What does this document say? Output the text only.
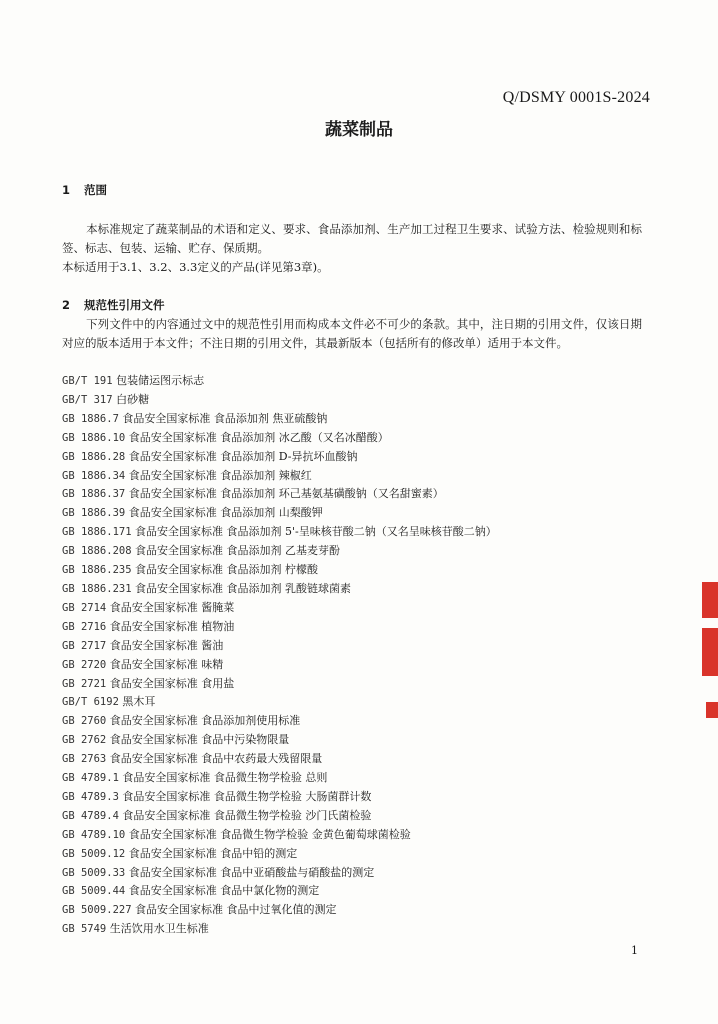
Q/DSMY 0001S-2024
蔬菜制品
1 范围
本标准规定了蔬菜制品的术语和定义、要求、食品添加剂、生产加工过程卫生要求、试验方法、检验规则和标签、标志、包装、运输、贮存、保质期。
本标适用于3.1、3.2、3.3定义的产品(详见第3章)。
2 规范性引用文件
下列文件中的内容通过文中的规范性引用而构成本文件必不可少的条款。其中，注日期的引用文件，仅该日期对应的版本适用于本文件；不注日期的引用文件，其最新版本（包括所有的修改单）适用于本文件。
GB/T 191 包装储运图示标志
GB/T 317 白砂糖
GB 1886.7 食品安全国家标准 食品添加剂 焦亚硫酸钠
GB 1886.10 食品安全国家标准 食品添加剂 冰乙酸（又名冰醋酸）
GB 1886.28 食品安全国家标准 食品添加剂 D-异抗坏血酸钠
GB 1886.34 食品安全国家标准 食品添加剂 辣椒红
GB 1886.37 食品安全国家标准 食品添加剂 环己基氨基磺酸钠（又名甜蜜素）
GB 1886.39 食品安全国家标准 食品添加剂 山梨酸钾
GB 1886.171 食品安全国家标准 食品添加剂 5'-呈味核苷酸二钠（又名呈味核苷酸二钠）
GB 1886.208 食品安全国家标准 食品添加剂 乙基麦芽酚
GB 1886.235 食品安全国家标准 食品添加剂 柠檬酸
GB 1886.231 食品安全国家标准 食品添加剂 乳酸链球菌素
GB 2714 食品安全国家标准 酱腌菜
GB 2716 食品安全国家标准 植物油
GB 2717 食品安全国家标准 酱油
GB 2720 食品安全国家标准 味精
GB 2721 食品安全国家标准 食用盐
GB/T 6192 黑木耳
GB 2760 食品安全国家标准 食品添加剂使用标准
GB 2762 食品安全国家标准 食品中污染物限量
GB 2763 食品安全国家标准 食品中农药最大残留限量
GB 4789.1 食品安全国家标准 食品微生物学检验 总则
GB 4789.3 食品安全国家标准 食品微生物学检验 大肠菌群计数
GB 4789.4 食品安全国家标准 食品微生物学检验 沙门氏菌检验
GB 4789.10 食品安全国家标准 食品微生物学检验 金黄色葡萄球菌检验
GB 5009.12 食品安全国家标准 食品中铅的测定
GB 5009.33 食品安全国家标准 食品中亚硝酸盐与硝酸盐的测定
GB 5009.44 食品安全国家标准 食品中氯化物的测定
GB 5009.227 食品安全国家标准 食品中过氧化值的测定
GB 5749 生活饮用水卫生标准
1
